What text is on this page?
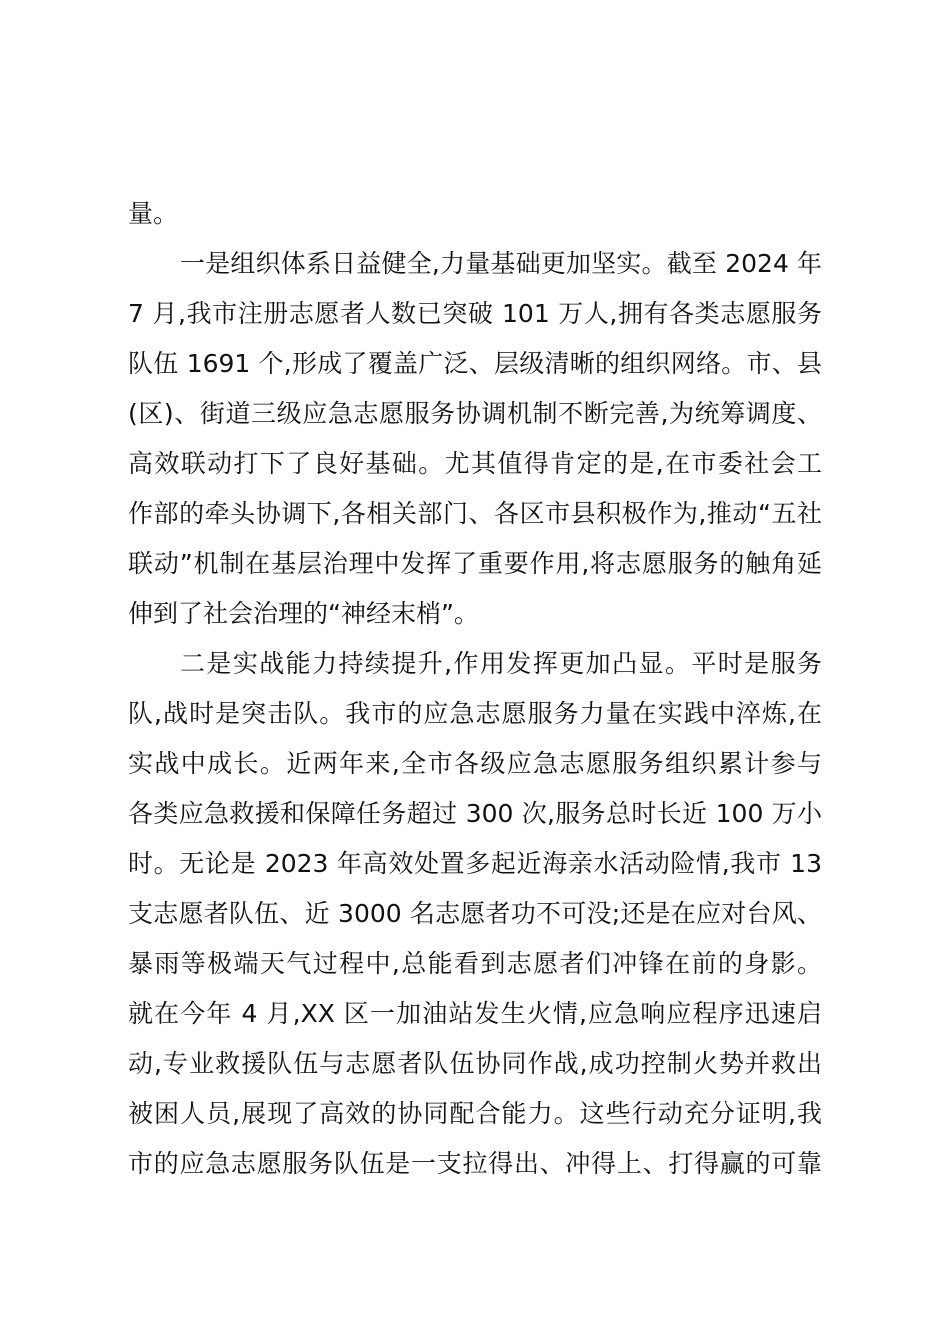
量。
一是组织体系日益健全,力量基础更加坚实。截至 2024 年
7 月,我市注册志愿者人数已突破 101 万人,拥有各类志愿服务
队伍 1691 个,形成了覆盖广泛、层级清晰的组织网络。市、县
(区)、街道三级应急志愿服务协调机制不断完善,为统筹调度、
高效联动打下了良好基础。尤其值得肯定的是,在市委社会工
作部的牵头协调下,各相关部门、各区市县积极作为,推动“五社
联动”机制在基层治理中发挥了重要作用,将志愿服务的触角延
伸到了社会治理的“神经末梢”。
二是实战能力持续提升,作用发挥更加凸显。平时是服务
队,战时是突击队。我市的应急志愿服务力量在实践中淬炼,在
实战中成长。近两年来,全市各级应急志愿服务组织累计参与
各类应急救援和保障任务超过 300 次,服务总时长近 100 万小
时。无论是 2023 年高效处置多起近海亲水活动险情,我市 13
支志愿者队伍、近 3000 名志愿者功不可没;还是在应对台风、
暴雨等极端天气过程中,总能看到志愿者们冲锋在前的身影。
就在今年 4 月,XX 区一加油站发生火情,应急响应程序迅速启
动,专业救援队伍与志愿者队伍协同作战,成功控制火势并救出
被困人员,展现了高效的协同配合能力。这些行动充分证明,我
市的应急志愿服务队伍是一支拉得出、冲得上、打得赢的可靠
